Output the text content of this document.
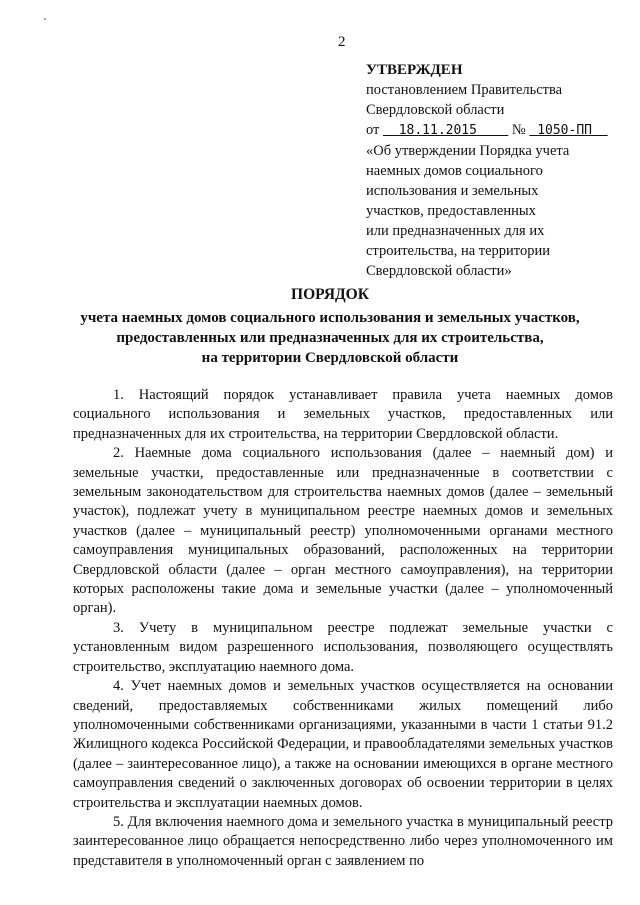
2
УТВЕРЖДЕН
постановлением Правительства
Свердловской области
от 18.11.2015 № 1050-ПП
«Об утверждении Порядка учета
наемных домов социального
использования и земельных
участков, предоставленных
или предназначенных для их
строительства, на территории
Свердловской области»
ПОРЯДОК
учета наемных домов социального использования и земельных участков,
предоставленных или предназначенных для их строительства,
на территории Свердловской области

1. Настоящий порядок устанавливает правила учета наемных домов социального использования и земельных участков, предоставленных или предназначенных для их строительства, на территории Свердловской области.

2. Наемные дома социального использования (далее – наемный дом) и земельные участки, предоставленные или предназначенные в соответствии с земельным законодательством для строительства наемных домов (далее – земельный участок), подлежат учету в муниципальном реестре наемных домов и земельных участков (далее – муниципальный реестр) уполномоченными органами местного самоуправления муниципальных образований, расположенных на территории Свердловской области (далее – орган местного самоуправления), на территории которых расположены такие дома и земельные участки (далее – уполномоченный орган).

3. Учету в муниципальном реестре подлежат земельные участки с установленным видом разрешенного использования, позволяющего осуществлять строительство, эксплуатацию наемного дома.

4. Учет наемных домов и земельных участков осуществляется на основании сведений, предоставляемых собственниками жилых помещений либо уполномоченными собственниками организациями, указанными в части 1 статьи 91.2 Жилищного кодекса Российской Федерации, и правообладателями земельных участков (далее – заинтересованное лицо), а также на основании имеющихся в органе местного самоуправления сведений о заключенных договорах об освоении территории в целях строительства и эксплуатации наемных домов.

5. Для включения наемного дома и земельного участка в муниципальный реестр заинтересованное лицо обращается непосредственно либо через уполномоченного им представителя в уполномоченный орган с заявлением по
